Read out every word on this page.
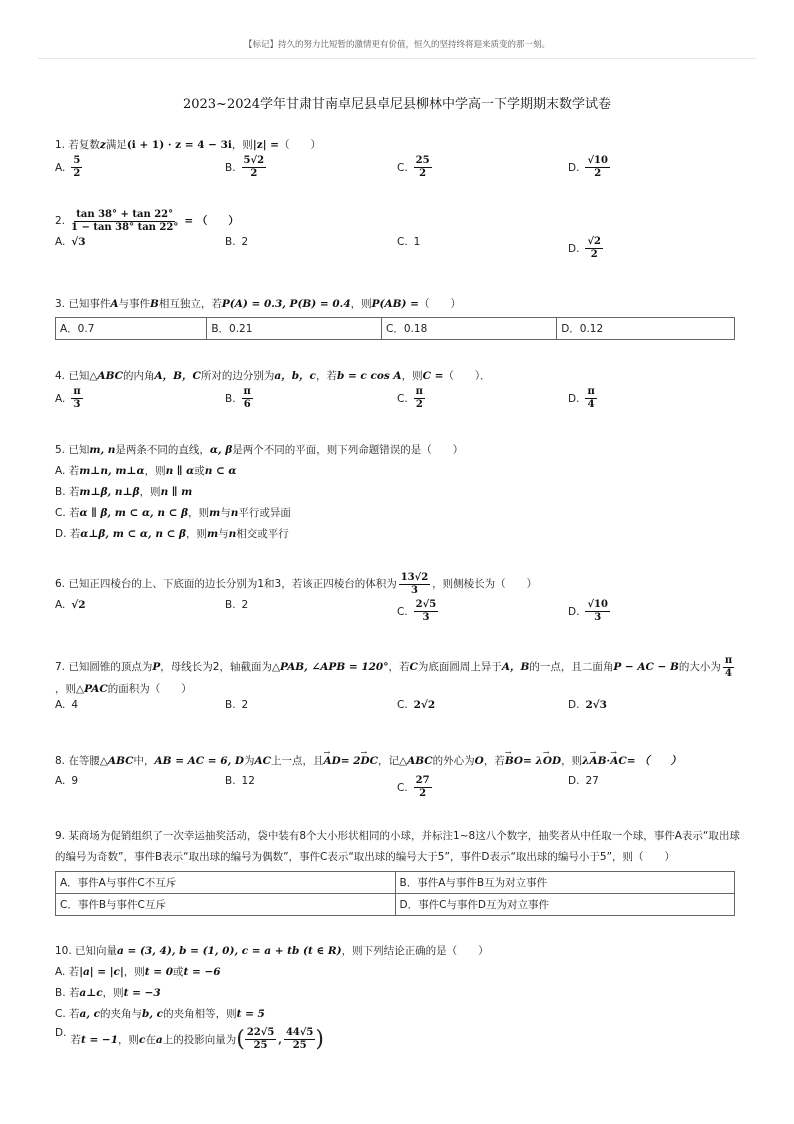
【标记】持久的努力比短暂的激情更有价值，恒久的坚持终将迎来质变的那一刻。
2023~2024学年甘肃甘南卓尼县卓尼县柳林中学高一下学期期末数学试卷
1. 若复数z满足(i + 1) · z = 4 − 3i，则|z| =（　　）
A. $\frac{5}{2}$	B. $\frac{5√2}{2}$	C. $\frac{25}{2}$	D. $\frac{√10}{2}$
2. $\frac{\tan 38^\circ + \tan 22^\circ}{1 - \tan 38^\circ \tan 22^\circ}$ = （　　）
A. √3	B. 2	C. 1
D. $\frac{√2}{2}$
3. 已知事件A与事件B相互独立，若P(A) = 0.3, P(B) = 0.4，则P(AB) =（　　）
A．0.7	B．0.21	C．0.18	D．0.12
4. 已知△ABC的内角A，B，C所对的边分别为a，b，c，若b = c cos A，则C =（　　）．
A. $\frac{\pi}{3}$	B. $\frac{\pi}{6}$	C. $\frac{\pi}{2}$	D. $\frac{\pi}{4}$
5. 已知m, n是两条不同的直线，α, β是两个不同的平面，则下列命题错误的是（　　）
A. 若m⊥n, m⊥α，则n ∥ α或n ⊂ α
B. 若m⊥β, n⊥β，则n ∥ m
C. 若α ∥ β, m ⊂ α, n ⊂ β，则m与n平行或异面
D. 若α⊥β, m ⊂ α, n ⊂ β，则m与n相交或平行
6. 已知正四棱台的上、下底面的边长分别为1和3，若该正四棱台的体积为 $\frac{13√2}{3}$ ，则侧棱长为（　　）
A. √2	B. 2
C. $\frac{2√5}{3}$	D. $\frac{√10}{3}$
7. 已知圆锥的顶点为 P ，母线长为2，轴截面为 △PAB, ∠APB = 120° ，若 C 为底面圆周上异于 A，B 的一点，且二面角 P − AC − B 的大小为 $\frac{\pi}{4}$
，则△PAC的面积为（　　）
A. 4	B. 2	C. 2√2	D. 2√3
8. 在等腰△ABC中，AB = AC = 6, D为AC上一点，且→ AD= 2→ DC，记△ABC的外心为O，若→ BO= λ→ OD，则λ→ AB·→ AC= （　　）
A. 9	B. 12
C. $\frac{27}{2}$	D. 27
9. 某商场为促销组织了一次幸运抽奖活动，袋中装有8个大小形状相同的小球，并标注1~8这八个数字，抽奖者从中任取一个球，事件A表示“取出球
的编号为奇数”，事件B表示“取出球的编号为偶数”，事件C表示“取出球的编号大于5”，事件D表示“取出球的编号小于5”，则（　　）
A．事件A与事件C不互斥	B．事件A与事件B互为对立事件
C．事件B与事件C互斥	D．事件C与事件D互为对立事件
10. 已知向量a = (3, 4), b = (1, 0), c = a + tb (t ∈ R)，则下列结论正确的是（　　）
A. 若|a| = |c|，则t = 0或t = −6
B. 若a⊥c，则t = −3
C. 若a, c的夹角与b, c的夹角相等，则t = 5
D.
若 t = −1 ，则 c 在 a 上的投影向量为 ( $\frac{22√5}{25}$ , $\frac{44√5}{25}$ )
